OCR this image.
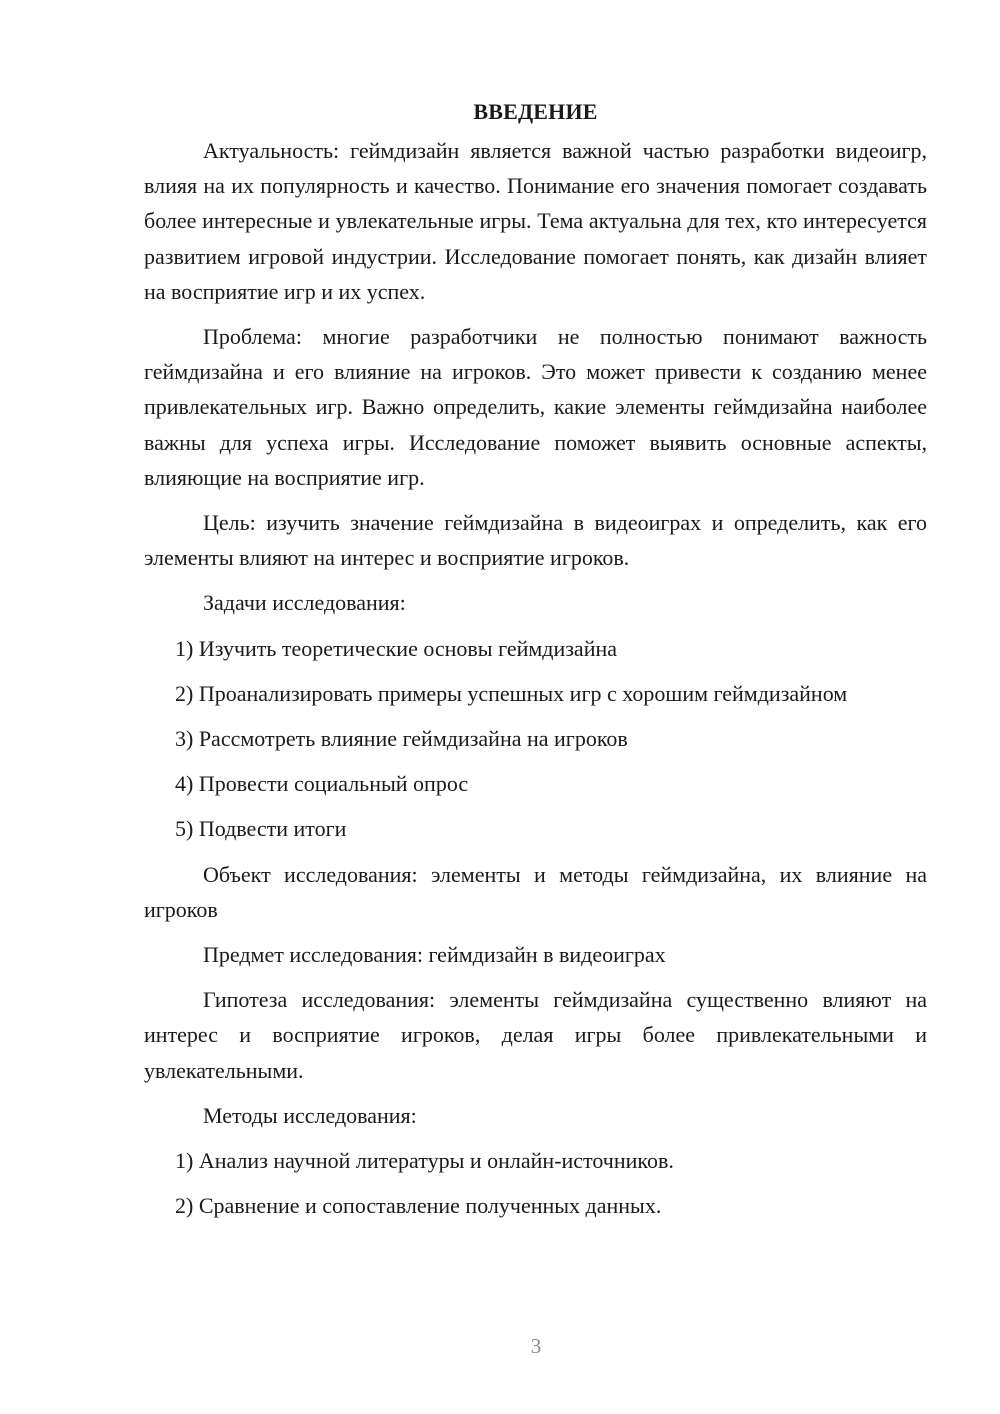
ВВЕДЕНИЕ

Актуальность: геймдизайн является важной частью разработки видеоигр, влияя на их популярность и качество. Понимание его значения помогает создавать более интересные и увлекательные игры. Тема актуальна для тех, кто интересуется развитием игровой индустрии. Исследование помогает понять, как дизайн влияет на восприятие игр и их успех.

Проблема: многие разработчики не полностью понимают важность геймдизайна и его влияние на игроков. Это может привести к созданию менее привлекательных игр. Важно определить, какие элементы геймдизайна наиболее важны для успеха игры. Исследование поможет выявить основные аспекты, влияющие на восприятие игр.

Цель: изучить значение геймдизайна в видеоиграх и определить, как его элементы влияют на интерес и восприятие игроков.

Задачи исследования:

1) Изучить теоретические основы геймдизайна

2) Проанализировать примеры успешных игр с хорошим геймдизайном

3) Рассмотреть влияние геймдизайна на игроков

4) Провести социальный опрос

5) Подвести итоги

Объект исследования: элементы и методы геймдизайна, их влияние на игроков

Предмет исследования: геймдизайн в видеоиграх

Гипотеза исследования: элементы геймдизайна существенно влияют на интерес и восприятие игроков, делая игры более привлекательными и увлекательными.

Методы исследования:

1) Анализ научной литературы и онлайн-источников.

2) Сравнение и сопоставление полученных данных.

3
